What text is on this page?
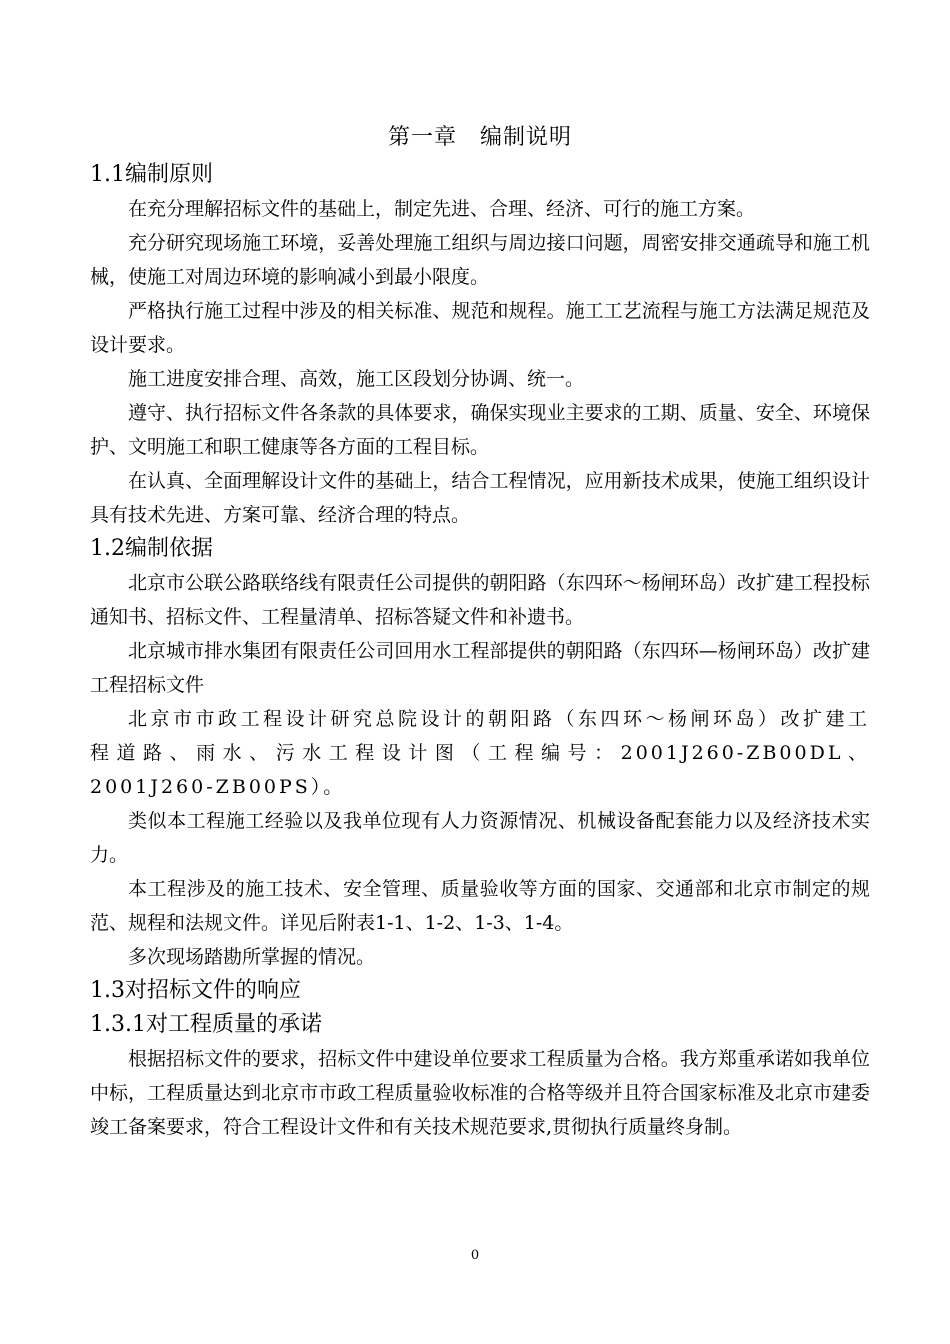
第一章　编制说明
1.1编制原则

在充分理解招标文件的基础上，制定先进、合理、经济、可行的施工方案。

充分研究现场施工环境，妥善处理施工组织与周边接口问题，周密安排交通疏导和施工机械，使施工对周边环境的影响减小到最小限度。

严格执行施工过程中涉及的相关标准、规范和规程。施工工艺流程与施工方法满足规范及设计要求。

施工进度安排合理、高效，施工区段划分协调、统一。

遵守、执行招标文件各条款的具体要求，确保实现业主要求的工期、质量、安全、环境保护、文明施工和职工健康等各方面的工程目标。

在认真、全面理解设计文件的基础上，结合工程情况，应用新技术成果，使施工组织设计具有技术先进、方案可靠、经济合理的特点。

1.2编制依据

北京市公联公路联络线有限责任公司提供的朝阳路（东四环～杨闸环岛）改扩建工程投标通知书、招标文件、工程量清单、招标答疑文件和补遗书。

北京城市排水集团有限责任公司回用水工程部提供的朝阳路（东四环—杨闸环岛）改扩建工程招标文件

北京市市政工程设计研究总院设计的朝阳路（东四环～杨闸环岛）改扩建工程道路、雨水、污水工程设计图（工程编号：2001J260-ZB00DL、2001J260-ZB00PS）。

类似本工程施工经验以及我单位现有人力资源情况、机械设备配套能力以及经济技术实力。

本工程涉及的施工技术、安全管理、质量验收等方面的国家、交通部和北京市制定的规范、规程和法规文件。详见后附表1-1、1-2、1-3、1-4。

多次现场踏勘所掌握的情况。

1.3对招标文件的响应
1.3.1对工程质量的承诺

根据招标文件的要求，招标文件中建设单位要求工程质量为合格。我方郑重承诺如我单位中标，工程质量达到北京市市政工程质量验收标准的合格等级并且符合国家标准及北京市建委竣工备案要求，符合工程设计文件和有关技术规范要求,贯彻执行质量终身制。

0
